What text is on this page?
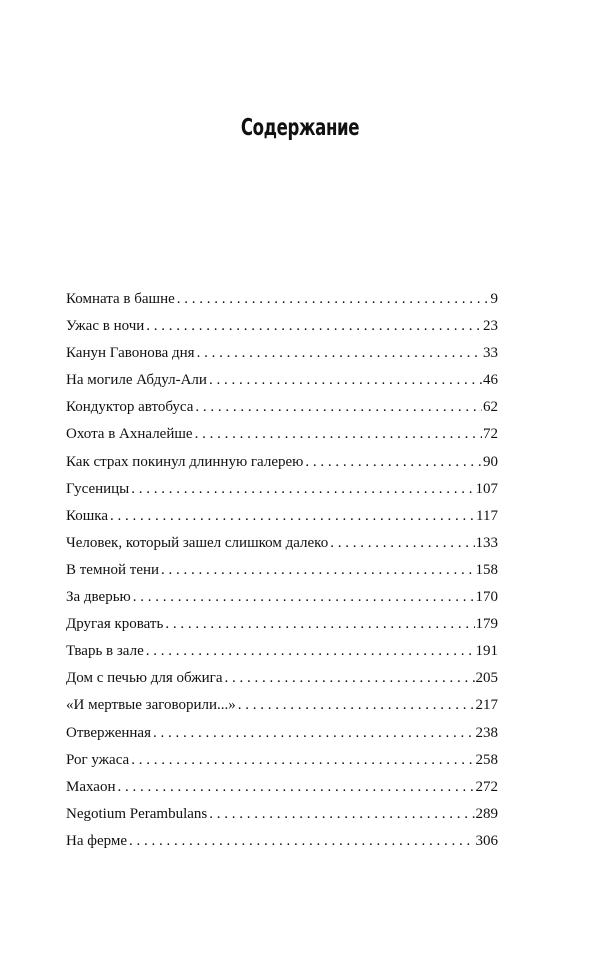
Содержание
Комната в башне . . .	9
Ужас в ночи . . .	23
Канун Гавонова дня . . .	33
На могиле Абдул-Али . . .	46
Кондуктор автобуса . . .	62
Охота в Ахналейше . . .	72
Как страх покинул длинную галерею . . .	90
Гусеницы . . .	107
Кошка . . .	117
Человек, который зашел слишком далеко . . .	133
В темной тени . . .	158
За дверью . . .	170
Другая кровать . . .	179
Тварь в зале . . .	191
Дом с печью для обжига . . .	205
«И мертвые заговорили...» . . .	217
Отверженная . . .	238
Рог ужаса . . .	258
Махаон . . .	272
Negotium Perambulans . . .	289
На ферме . . .	306
